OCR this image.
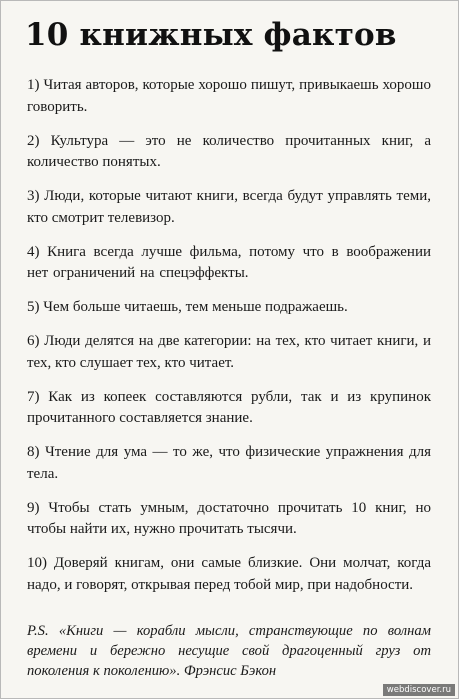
10 книжных фактов

1) Читая авторов, которые хорошо пишут, привыкаешь хорошо говорить.

2) Культура — это не количество прочитанных книг, а количество понятых.

3) Люди, которые читают книги, всегда будут управлять теми, кто смотрит телевизор.

4) Книга всегда лучше фильма, потому что в воображении нет ограничений на спецэффекты.

5) Чем больше читаешь, тем меньше подражаешь.

6) Люди делятся на две категории: на тех, кто читает книги, и тех, кто слушает тех, кто читает.

7) Как из копеек составляются рубли, так и из крупинок прочитанного составляется знание.

8) Чтение для ума — то же, что физические упражнения для тела.

9) Чтобы стать умным, достаточно прочитать 10 книг, но чтобы найти их, нужно прочитать тысячи.

10) Доверяй книгам, они самые близкие. Они молчат, когда надо, и говорят, открывая перед тобой мир, при надобности.

P.S. «Книги — корабли мысли, странствующие по волнам времени и бережно несущие свой драгоценный груз от поколения к поколению». Фрэнсис Бэкон
webdiscover.ru
